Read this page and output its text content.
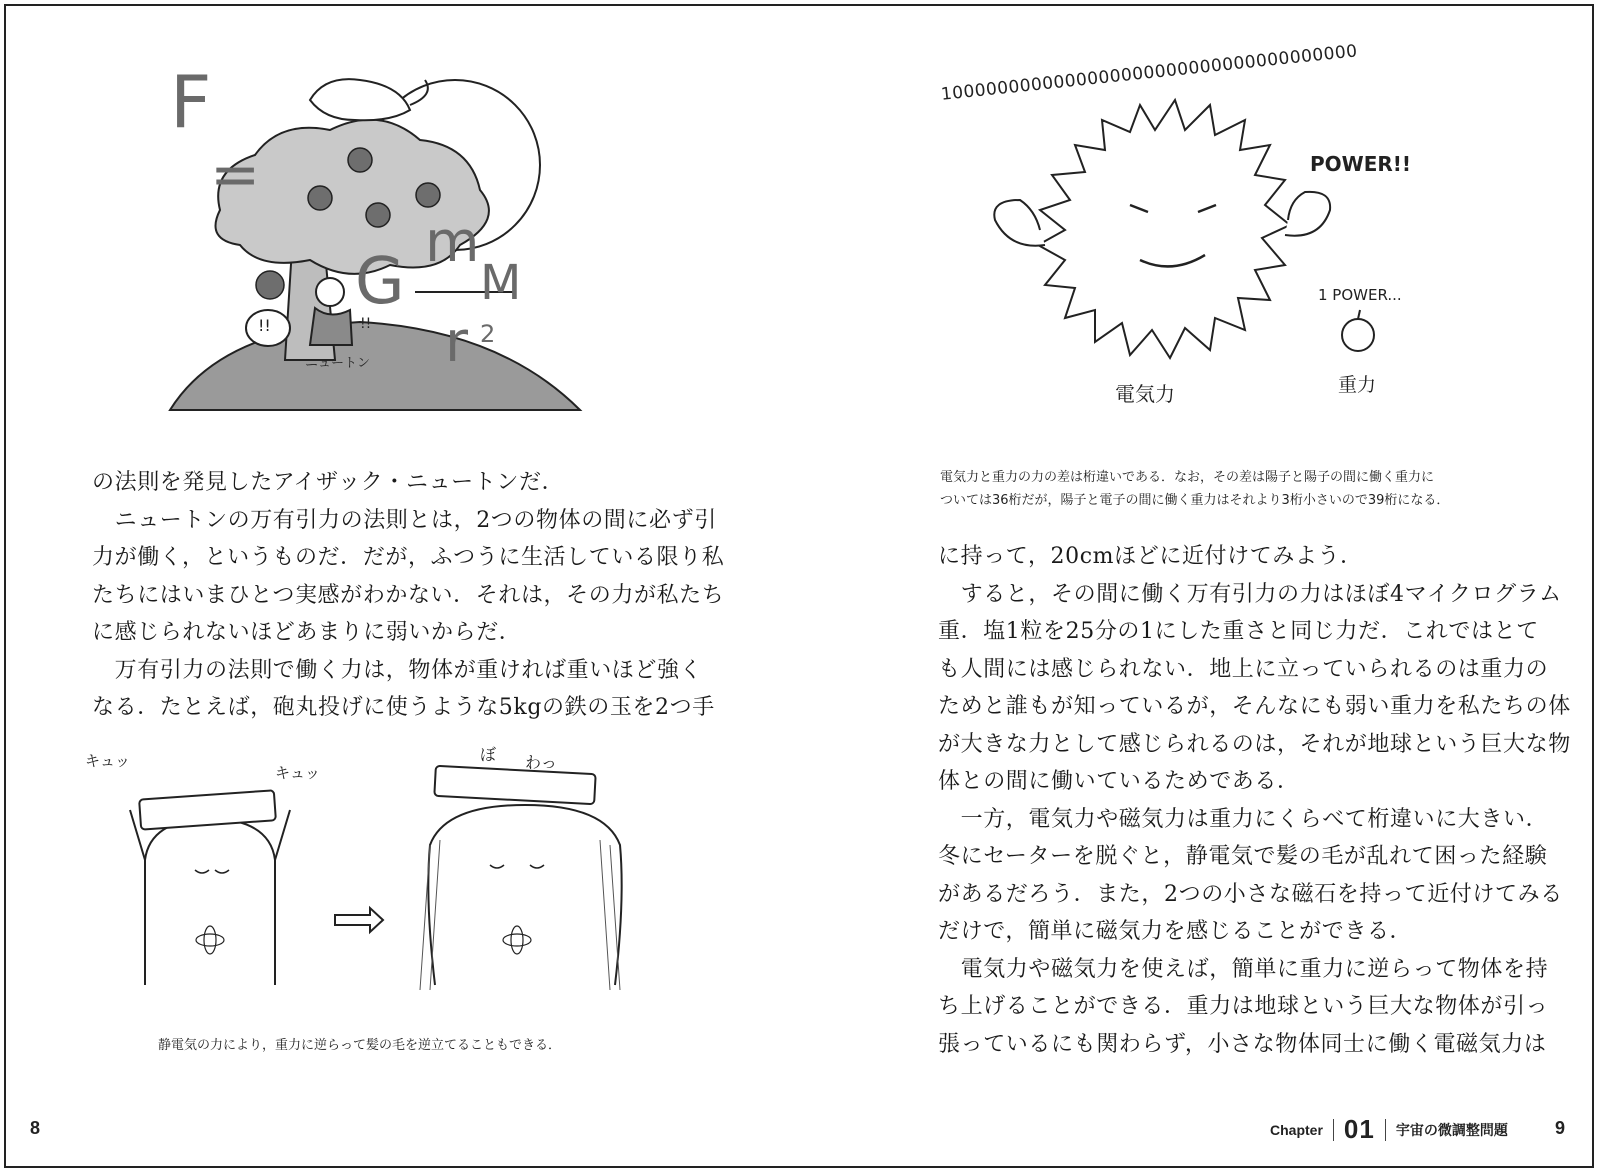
F
=
G
m
M
r 2
!!	!!
ニュートン
の法則を発見したアイザック・ニュートンだ．
　ニュートンの万有引力の法則とは，2つの物体の間に必ず引
力が働く，というものだ．だが，ふつうに生活している限り私
たちにはいまひとつ実感がわかない．それは，その力が私たち
に感じられないほどあまりに弱いからだ．
　万有引力の法則で働く力は，物体が重ければ重いほど強く
なる．たとえば，砲丸投げに使うような5kgの鉄の玉を2つ手
キュッ
キュッ
ぼ わっ
静電気の力により，重力に逆らって髪の毛を逆立てることもできる．
8
1000000000000000000000000000000000000
POWER!!
1 POWER...
電気力	重力
電気力と重力の力の差は桁違いである．なお，その差は陽子と陽子の間に働く重力に
ついては36桁だが，陽子と電子の間に働く重力はそれより3桁小さいので39桁になる．
に持って，20cmほどに近付けてみよう．
　すると，その間に働く万有引力の力はほぼ4マイクログラム
重．塩1粒を25分の1にした重さと同じ力だ．これではとて
も人間には感じられない．地上に立っていられるのは重力の
ためと誰もが知っているが，そんなにも弱い重力を私たちの体
が大きな力として感じられるのは，それが地球という巨大な物
体との間に働いているためである．
　一方，電気力や磁気力は重力にくらべて桁違いに大きい．
冬にセーターを脱ぐと，静電気で髪の毛が乱れて困った経験
があるだろう．また，2つの小さな磁石を持って近付けてみる
だけで，簡単に磁気力を感じることができる．
　電気力や磁気力を使えば，簡単に重力に逆らって物体を持
ち上げることができる．重力は地球という巨大な物体が引っ
張っているにも関わらず，小さな物体同士に働く電磁気力は
9
Chapter 01 宇宙の微調整問題
